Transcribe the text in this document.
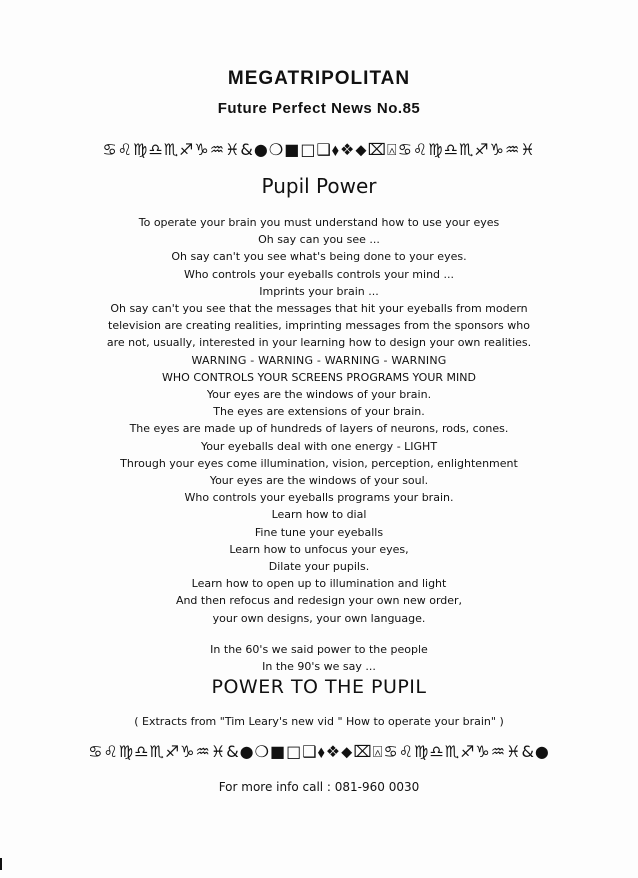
MEGATRIPOLITAN
Future Perfect News No.85
♋♌♍♎♏♐♑♒♓&●❍■□❑⬧❖⬥⌧⍓♋♌♍♎♏♐♑♒♓
Pupil Power
To operate your brain you must understand how to use your eyes
Oh say can you see ...
Oh say can't you see what's being done to your eyes.
Who controls your eyeballs controls your mind ...
Imprints your brain ...
Oh say can't you see that the messages that hit your eyeballs from modern
television are creating realities, imprinting messages from the sponsors who
are not, usually, interested in your learning how to design your own realities.
WARNING - WARNING - WARNING - WARNING
WHO CONTROLS YOUR SCREENS PROGRAMS YOUR MIND
Your eyes are the windows of your brain.
The eyes are extensions of your brain.
The eyes are made up of hundreds of layers of neurons, rods, cones.
Your eyeballs deal with one energy - LIGHT
Through your eyes come illumination, vision, perception, enlightenment
Your eyes are the windows of your soul.
Who controls your eyeballs programs your brain.
Learn how to dial
Fine tune your eyeballs
Learn how to unfocus your eyes,
Dilate your pupils.
Learn how to open up to illumination and light
And then refocus and redesign your own new order,
your own designs, your own language.
In the 60's we said power to the people
In the 90's we say ...
POWER TO THE PUPIL
( Extracts from "Tim Leary's new vid " How to operate your brain" )
♋♌♍♎♏♐♑♒♓&●❍■□❑⬧❖⬥⌧⍓♋♌♍♎♏♐♑♒♓&●
For more info call : 081-960 0030
